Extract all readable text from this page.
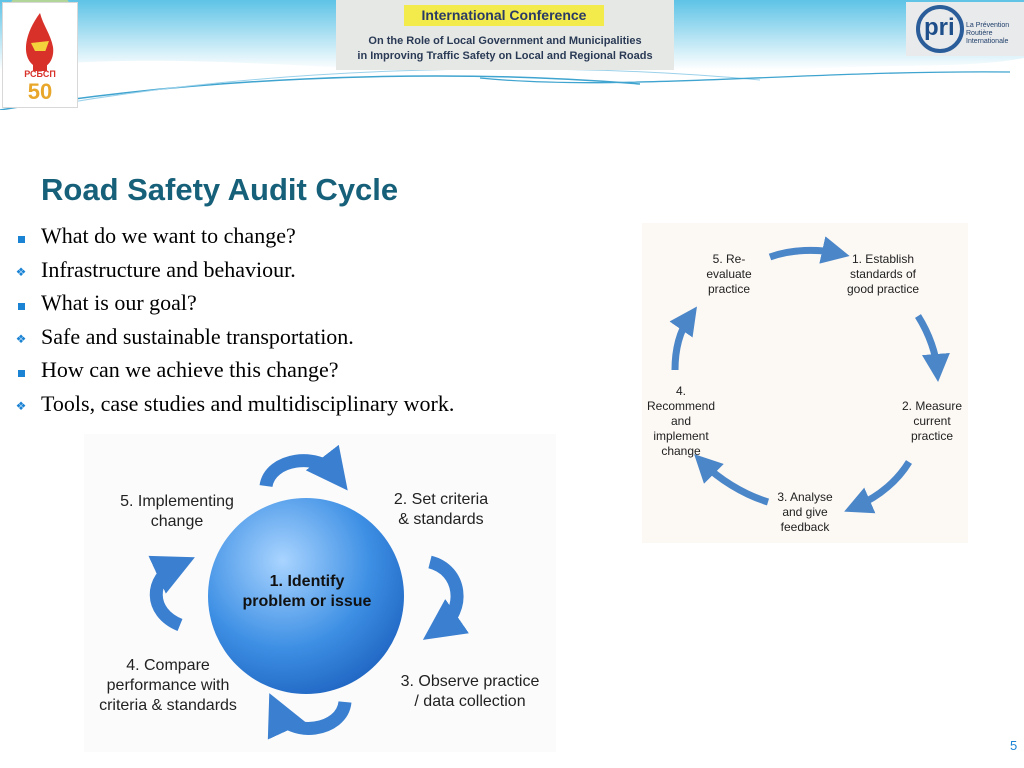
РСБСП
50
International Conference
On the Role of Local Government and Municipalities
in Improving Traffic Safety on Local and Regional Roads
pri La Prévention Routière
Internationale
Road Safety Audit Cycle
What do we want to change?
❖ Infrastructure and behaviour.
What is our goal?
❖ Safe and sustainable transportation.
How can we achieve this change?
❖ Tools, case studies and multidisciplinary work.
1. Establish
standards of
good practice
2. Measure
current
practice
3. Analyse
and give
feedback
4.
Recommend
and
implement
change
5. Re-
evaluate
practice
1. Identify
problem or issue
2. Set criteria
& standards
3. Observe practice
/ data collection
4. Compare
performance with
criteria & standards
5. Implementing
change
5
